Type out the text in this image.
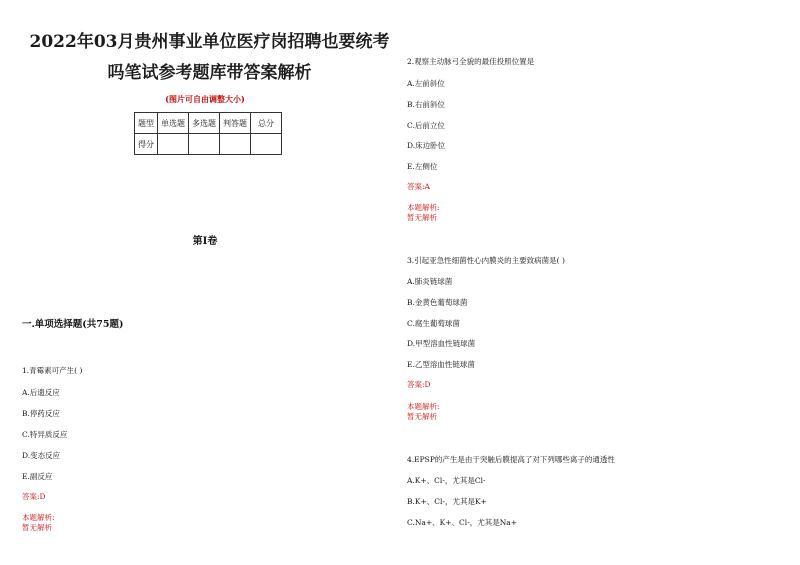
2022年03月贵州事业单位医疗岗招聘也要统考
吗笔试参考题库带答案解析
(图片可自由调整大小)
题型	单选题	多选题	判答题	总分
得分				
第I卷
一.单项选择题(共75题)
1.青霉素可产生( )
A.后遗反应
B.停药反应
C.特异质反应
D.变态反应
E.副反应
答案:D
本题解析:
暂无解析
2.观察主动脉弓全貌的最佳投照位置是
A.左前斜位
B.右前斜位
C.后前立位
D.床边卧位
E.左侧位
答案:A
本题解析:
暂无解析
3.引起亚急性细菌性心内膜炎的主要致病菌是( )
A.肺炎链球菌
B.金黄色葡萄球菌
C.腐生葡萄球菌
D.甲型溶血性链球菌
E.乙型溶血性链球菌
答案:D
本题解析:
暂无解析
4.EPSP的产生是由于突触后膜提高了对下列哪些离子的通透性
A.K+、Cl-，尤其是Cl-
B.K+、Cl-，尤其是K+
C.Na+、K+、Cl-，尤其是Na+
